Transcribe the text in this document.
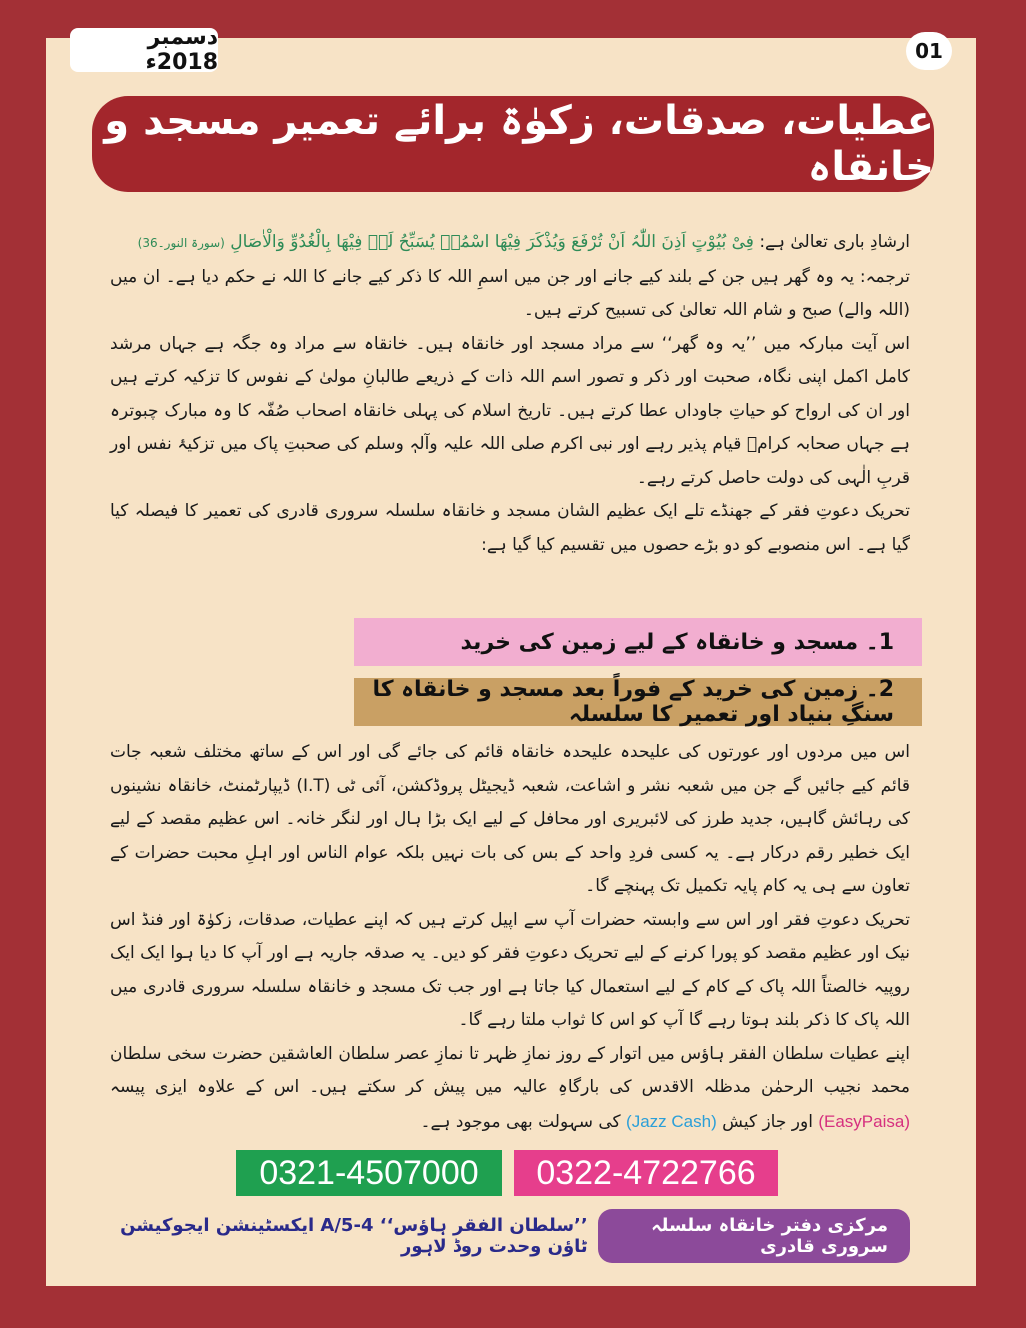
دسمبر 2018ء	01
عطیات، صدقات، زکوٰۃ برائے تعمیر مسجد و خانقاہ

ارشادِ باری تعالیٰ ہے: فِیْ بُیُوْتٍ اَذِنَ اللّٰہُ اَنْ تُرْفَعَ وَیُذْکَرَ فِیْھَا اسْمُہٗ یُسَبِّحُ لَہٗ فِیْھَا بِالْغُدُوِّ وَالْاٰصَالِ (سورۃ النور۔36)

ترجمہ: یہ وہ گھر ہیں جن کے بلند کیے جانے اور جن میں اسمِ اللہ کا ذکر کیے جانے کا اللہ نے حکم دیا ہے۔ ان میں (اللہ والے) صبح و شام اللہ تعالیٰ کی تسبیح کرتے ہیں۔

اس آیت مبارکہ میں ’’یہ وہ گھر‘‘ سے مراد مسجد اور خانقاہ ہیں۔ خانقاہ سے مراد وہ جگہ ہے جہاں مرشد کامل اکمل اپنی نگاہ، صحبت اور ذکر و تصور اسم اللہ ذات کے ذریعے طالبانِ مولیٰ کے نفوس کا تزکیہ کرتے ہیں اور ان کی ارواح کو حیاتِ جاوداں عطا کرتے ہیں۔ تاریخ اسلام کی پہلی خانقاہ اصحاب صُفّہ کا وہ مبارک چبوترہ ہے جہاں صحابہ کرامؓ قیام پذیر رہے اور نبی اکرم صلی اللہ علیہ وآلہٖ وسلم کی صحبتِ پاک میں تزکیۂ نفس اور قربِ الٰہی کی دولت حاصل کرتے رہے۔

تحریک دعوتِ فقر کے جھنڈے تلے ایک عظیم الشان مسجد و خانقاہ سلسلہ سروری قادری کی تعمیر کا فیصلہ کیا گیا ہے۔ اس منصوبے کو دو بڑے حصوں میں تقسیم کیا گیا ہے:

1۔ مسجد و خانقاہ کے لیے زمین کی خرید
2۔ زمین کی خرید کے فوراً بعد مسجد و خانقاہ کا سنگِ بنیاد اور تعمیر کا سلسلہ

اس میں مردوں اور عورتوں کی علیحدہ علیحدہ خانقاہ قائم کی جائے گی اور اس کے ساتھ مختلف شعبہ جات قائم کیے جائیں گے جن میں شعبہ نشر و اشاعت، شعبہ ڈیجیٹل پروڈکشن، آئی ٹی (I.T) ڈیپارٹمنٹ، خانقاہ نشینوں کی رہائش گاہیں، جدید طرز کی لائبریری اور محافل کے لیے ایک بڑا ہال اور لنگر خانہ۔ اس عظیم مقصد کے لیے ایک خطیر رقم درکار ہے۔ یہ کسی فردِ واحد کے بس کی بات نہیں بلکہ عوام الناس اور اہلِ محبت حضرات کے تعاون سے ہی یہ کام پایہ تکمیل تک پہنچے گا۔

تحریک دعوتِ فقر اور اس سے وابستہ حضرات آپ سے اپیل کرتے ہیں کہ اپنے عطیات، صدقات، زکوٰۃ اور فنڈ اس نیک اور عظیم مقصد کو پورا کرنے کے لیے تحریک دعوتِ فقر کو دیں۔ یہ صدقہ جاریہ ہے اور آپ کا دیا ہوا ایک ایک روپیہ خالصتاً اللہ پاک کے کام کے لیے استعمال کیا جاتا ہے اور جب تک مسجد و خانقاہ سلسلہ سروری قادری میں اللہ پاک کا ذکر بلند ہوتا رہے گا آپ کو اس کا ثواب ملتا رہے گا۔

اپنے عطیات سلطان الفقر ہاؤس میں اتوار کے روز نمازِ ظہر تا نمازِ عصر سلطان العاشقین حضرت سخی سلطان محمد نجیب الرحمٰن مدظلہ الاقدس کی بارگاہِ عالیہ میں پیش کر سکتے ہیں۔ اس کے علاوہ ایزی پیسہ (EasyPaisa) اور جاز کیش (Jazz Cash) کی سہولت بھی موجود ہے۔

0321-4507000	0322-4722766
مرکزی دفتر خانقاہ سلسلہ سروری قادری
’’سلطان الفقر ہاؤس‘‘ 4-5/A ایکسٹینشن ایجوکیشن ٹاؤن وحدت روڈ لاہور
